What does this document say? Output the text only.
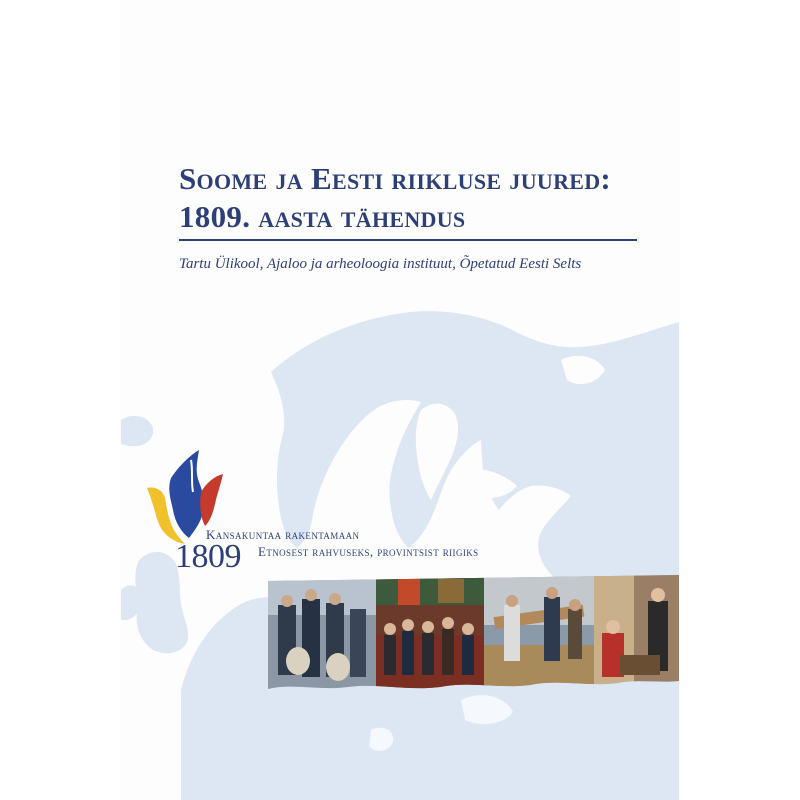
Soome ja Eesti riikluse juured:
1809. aasta tähendus
Tartu Ülikool, Ajaloo ja arheoloogia instituut, Õpetatud Eesti Selts
Kansakuntaa rakentamaan
1809 Etnosest rahvuseks, provintsist riigiks
